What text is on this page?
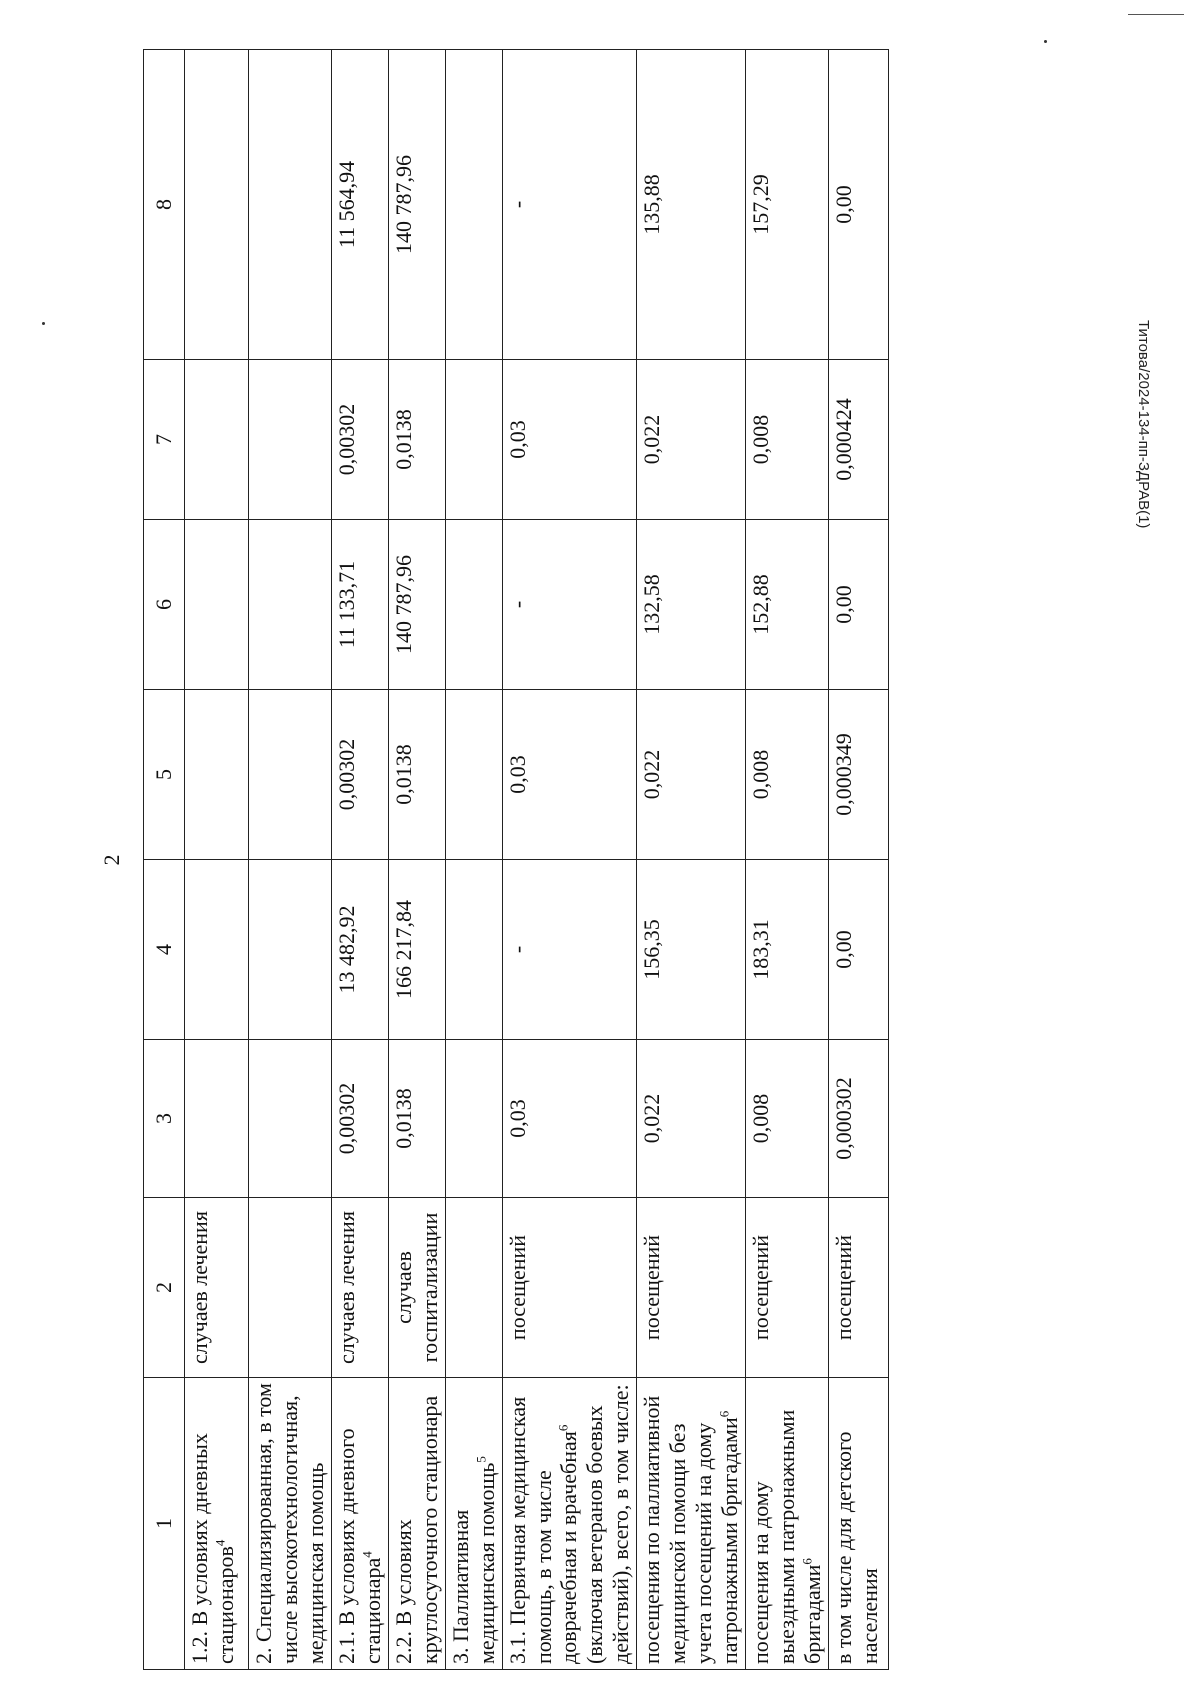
Титова/2024-134-пп-ЗДРАВ(1)
2
1	2	3	4	5	6	7	8
1.2. В условиях дневных стационаров$^4$	случаев лечения						
2. Специализированная, в том числе высокотехнологичная, медицинская помощь							
2.1. В условиях дневного стационара$^4$	случаев лечения	0,00302	13 482,92	0,00302	11 133,71	0,00302	11 564,94
2.2. В условиях круглосуточного стационара	случаев госпитализации	0,0138	166 217,84	0,0138	140 787,96	0,0138	140 787,96
3. Паллиативная медицинская помощь$^5$							
3.1. Первичная медицинская помощь, в том числе доврачебная и врачебная$^6$ (включая ветеранов боевых действий), всего, в том числе:	посещений	0,03	-	0,03	-	0,03	-
посещения по паллиативной медицинской помощи без учета посещений на дому патронажными бригадами$^6$	посещений	0,022	156,35	0,022	132,58	0,022	135,88
посещения на дому выездными патронажными бригадами$^6$	посещений	0,008	183,31	0,008	152,88	0,008	157,29
в том числе для детского населения	посещений	0,000302	0,00	0,000349	0,00	0,000424	0,00
